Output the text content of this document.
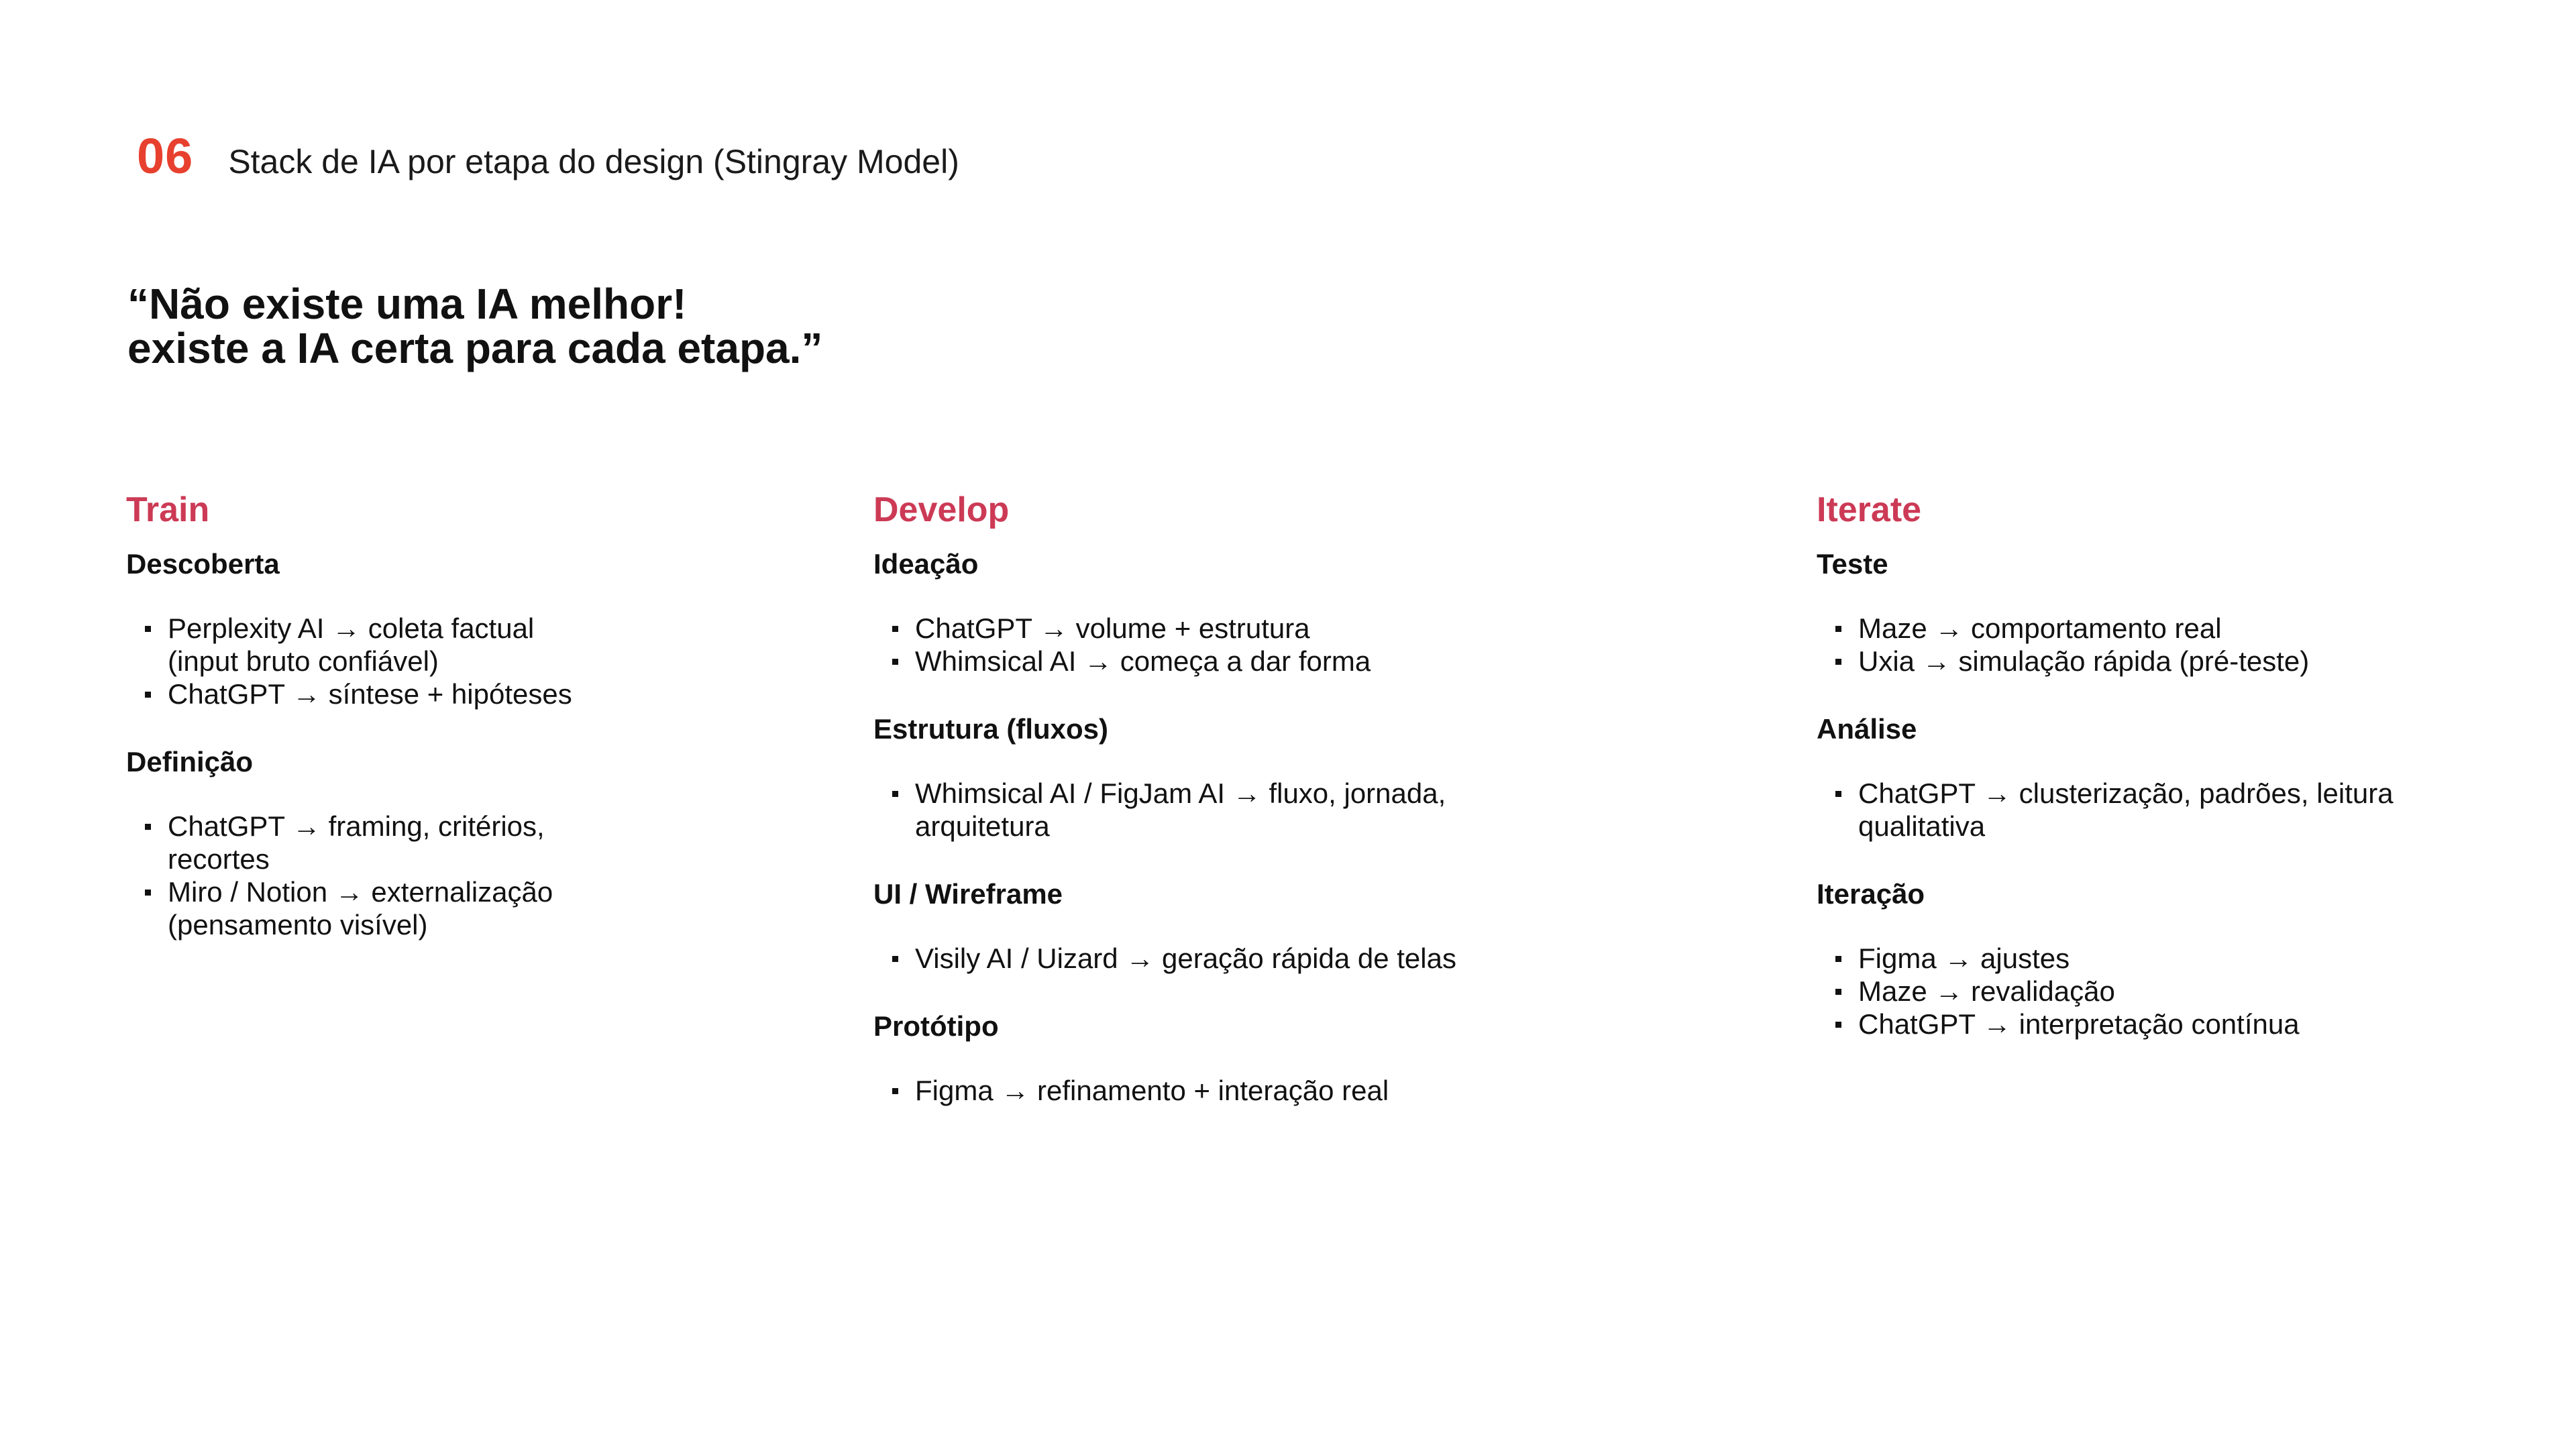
06 Stack de IA por etapa do design (Stingray Model)
“Não existe uma IA melhor!
existe a IA certa para cada etapa.”
Train
Descoberta
Perplexity AI → coleta factual (input bruto confiável)
ChatGPT → síntese + hipóteses
Definição
ChatGPT → framing, critérios, recortes
Miro / Notion → externalização (pensamento visível)
Develop
Ideação
ChatGPT → volume + estrutura
Whimsical AI → começa a dar forma
Estrutura (fluxos)
Whimsical AI / FigJam AI → fluxo, jornada, arquitetura
UI / Wireframe
Visily AI / Uizard → geração rápida de telas
Protótipo
Figma → refinamento + interação real
Iterate
Teste
Maze → comportamento real
Uxia → simulação rápida (pré-teste)
Análise
ChatGPT → clusterização, padrões, leitura qualitativa
Iteração
Figma → ajustes
Maze → revalidação
ChatGPT → interpretação contínua
